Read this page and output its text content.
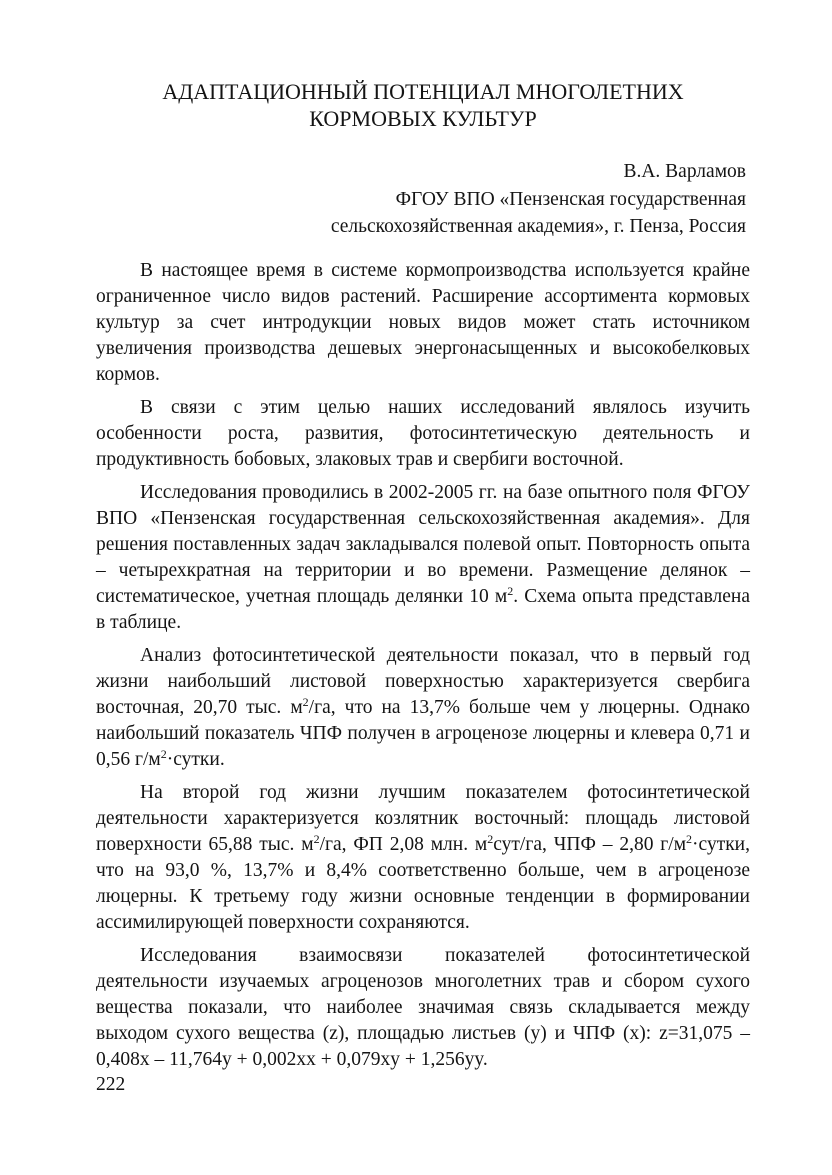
АДАПТАЦИОННЫЙ ПОТЕНЦИАЛ МНОГОЛЕТНИХ
КОРМОВЫХ КУЛЬТУР
В.А. Варламов
ФГОУ ВПО «Пензенская государственная
сельскохозяйственная академия», г. Пенза, Россия

В настоящее время в системе кормопроизводства используется крайне ограниченное число видов растений. Расширение ассортимента кормовых культур за счет интродукции новых видов может стать источником увеличения производства дешевых энергонасыщенных и высокобелковых кормов.

В связи с этим целью наших исследований являлось изучить особенности роста, развития, фотосинтетическую деятельность и продуктивность бобовых, злаковых трав и свербиги восточной.

Исследования проводились в 2002-2005 гг. на базе опытного поля ФГОУ ВПО «Пензенская государственная сельскохозяйственная академия». Для решения поставленных задач закладывался полевой опыт. Повторность опыта – четырехкратная на территории и во времени. Размещение делянок – систематическое, учетная площадь делянки 10 $м^2$. Схема опыта представлена в таблице.

Анализ фотосинтетической деятельности показал, что в первый год жизни наибольший листовой поверхностью характеризуется свербига восточная, 20,70 тыс. $м^2/га$, что на 13,7% больше чем у люцерны. Однако наибольший показатель ЧПФ получен в агроценозе люцерны и клевера 0,71 и 0,56 $г/м^2\cdot сутки$.

На второй год жизни лучшим показателем фотосинтетической деятельности характеризуется козлятник восточный: площадь листовой поверхности 65,88 тыс. $м^2/га$, ФП 2,08 млн. $м^2сут/га$, ЧПФ – 2,80 $г/м^2\cdot сутки$, что на 93,0 %, 13,7% и 8,4% соответственно больше, чем в агроценозе люцерны. К третьему году жизни основные тенденции в формировании ассимилирующей поверхности сохраняются.

Исследования взаимосвязи показателей фотосинтетической деятельности изучаемых агроценозов многолетних трав и сбором сухого вещества показали, что наиболее значимая связь складывается между выходом сухого вещества (z), площадью листьев (y) и ЧПФ (x): z=31,075 – 0,408x – 11,764y + 0,002xx + 0,079xy + 1,256yy.

222
